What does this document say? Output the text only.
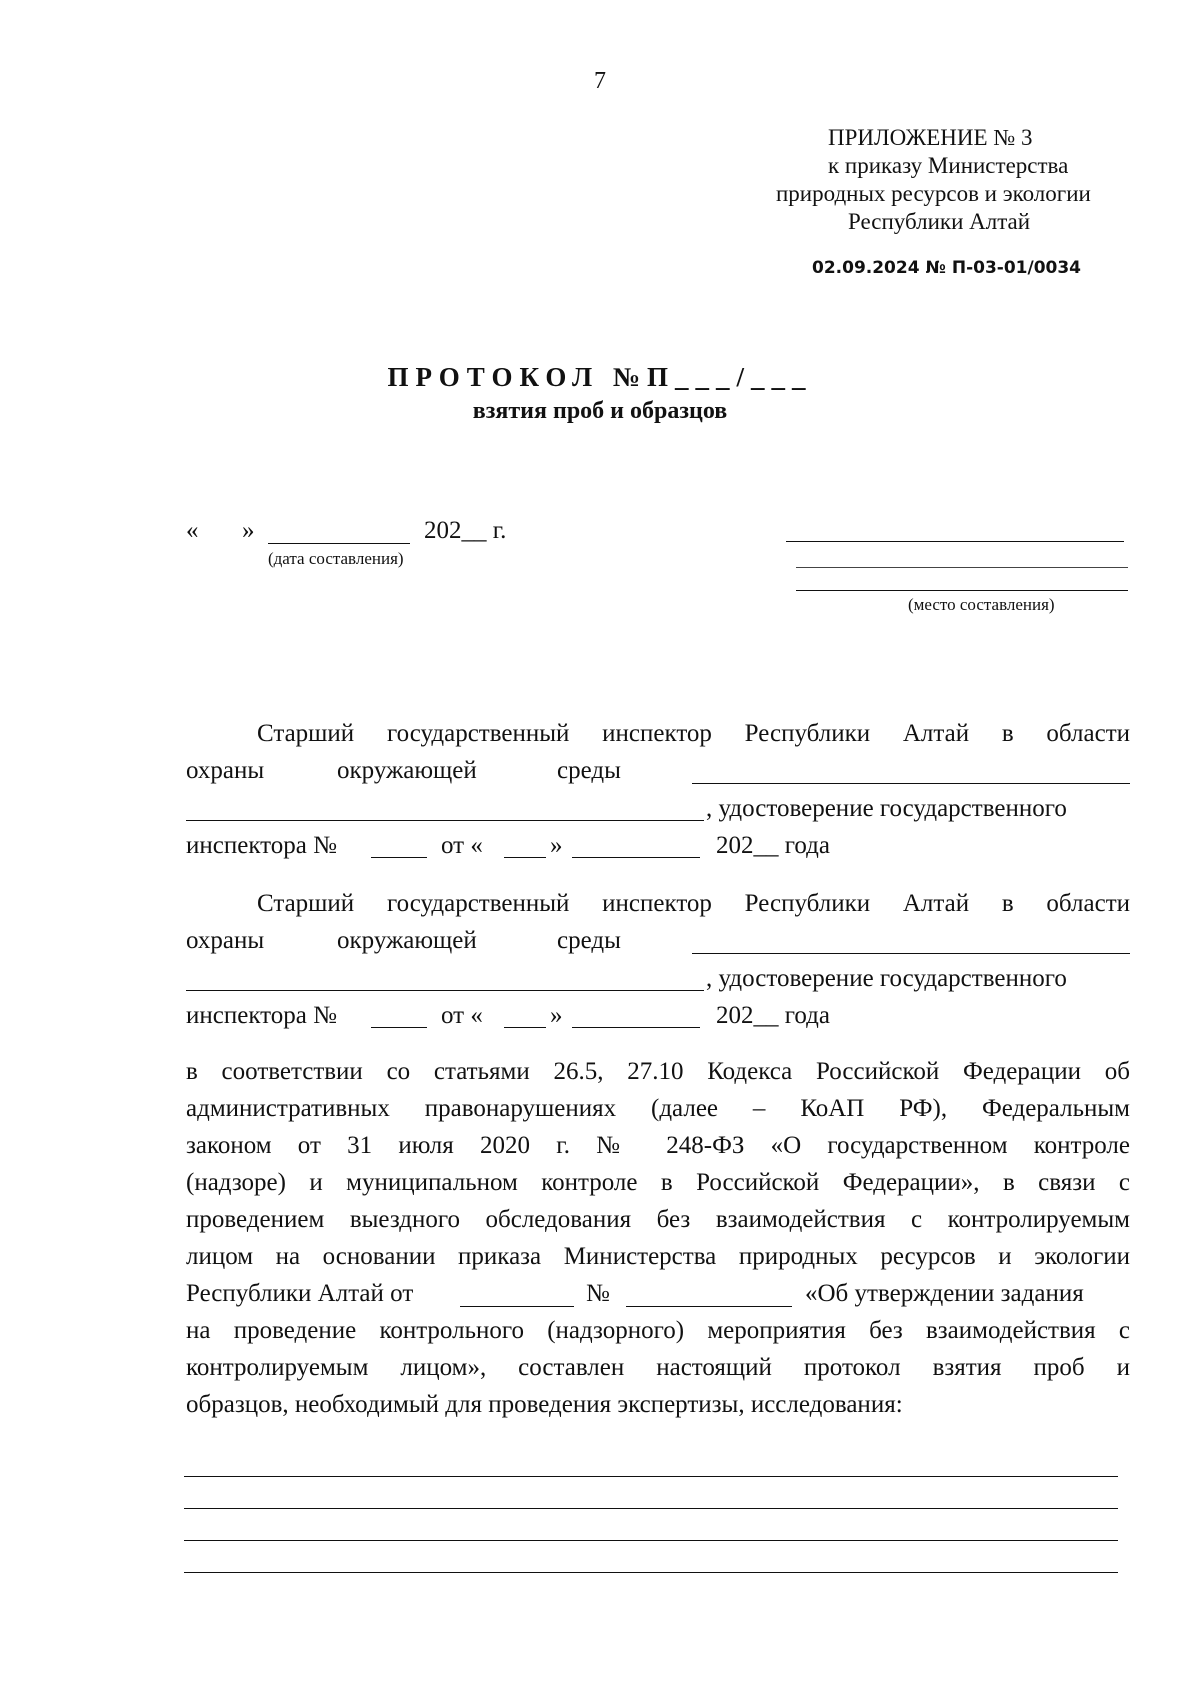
7
ПРИЛОЖЕНИЕ № 3
к приказу Министерства
природных ресурсов и экологии
Республики Алтай
02.09.2024 № П-03-01/0034
ПРОТОКОЛ №П___/___
взятия проб и образцов
« »	202__ г.
(дата составления)
(место составления)
Старший государственный инспектор Республики Алтай в области
охраны	окружающей	среды
, удостоверение государственного
инспектора №	от «	»	202__ года
Старший государственный инспектор Республики Алтай в области
охраны	окружающей	среды
, удостоверение государственного
инспектора №	от «	»	202__ года
в соответствии со статьями 26.5, 27.10 Кодекса Российской Федерации об
административных правонарушениях (далее – КоАП РФ), Федеральным
законом от 31 июля 2020 г. № 248-ФЗ «О государственном контроле
(надзоре) и муниципальном контроле в Российской Федерации», в связи с
проведением выездного обследования без взаимодействия с контролируемым
лицом на основании приказа Министерства природных ресурсов и экологии
Республики Алтай от	№	«Об утверждении задания
на проведение контрольного (надзорного) мероприятия без взаимодействия с
контролируемым лицом», составлен настоящий протокол взятия проб и
образцов, необходимый для проведения экспертизы, исследования:
